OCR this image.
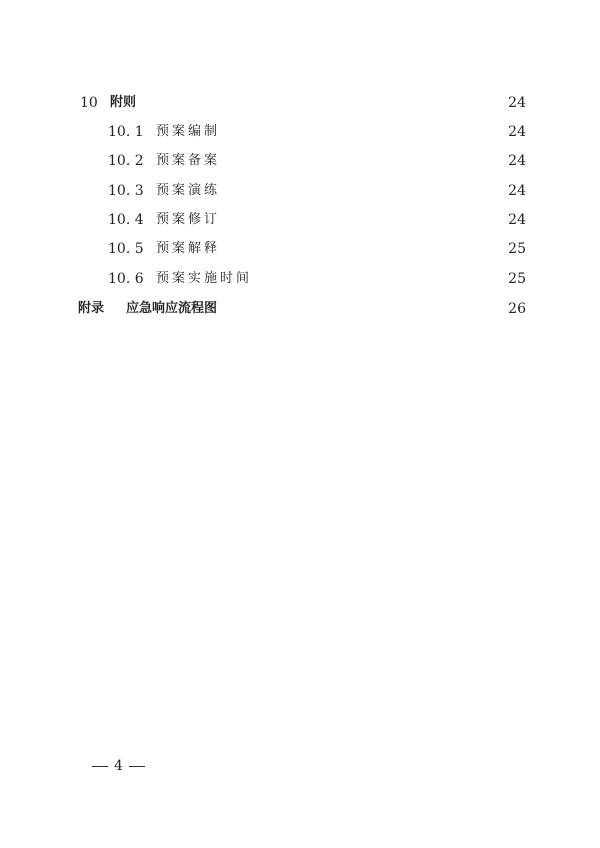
10 附则	24
10. 1 预案编制	24
10. 2 预案备案	24
10. 3 预案演练	24
10. 4 预案修订	24
10. 5 预案解释	25
10. 6 预案实施时间	25
附录	应急响应流程图	26
4
